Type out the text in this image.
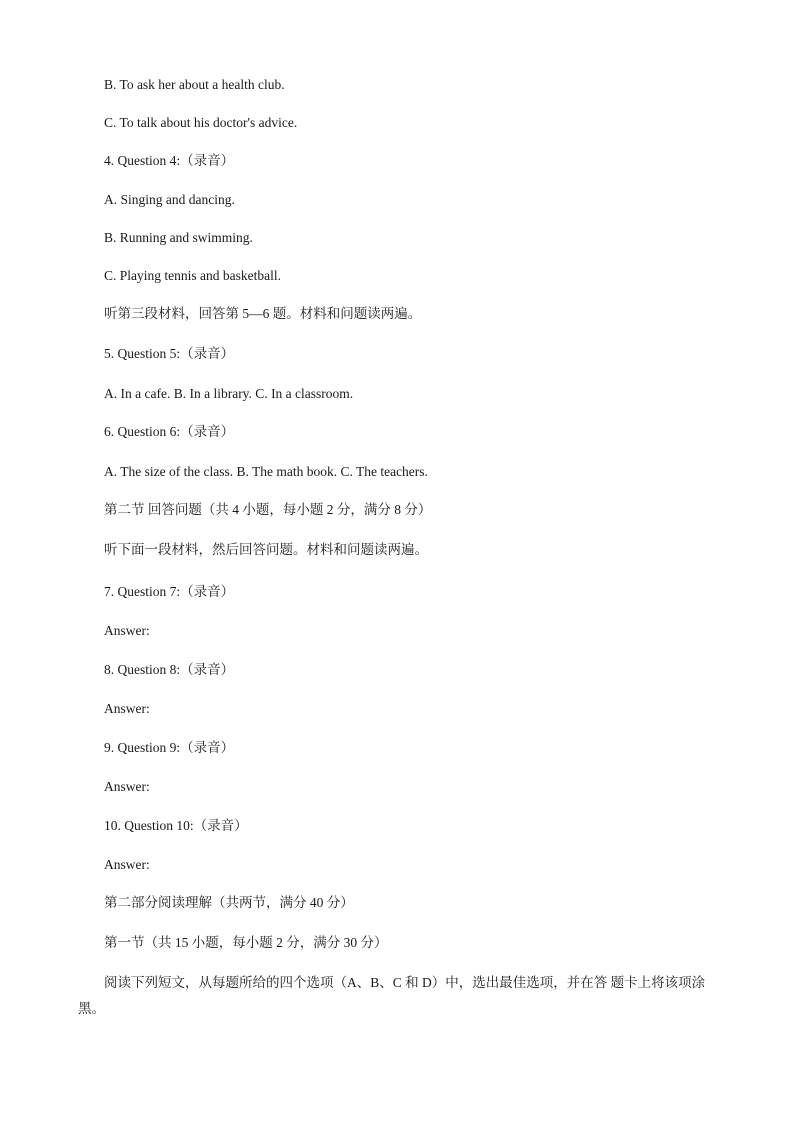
B. To ask her about a health club.
C. To talk about his doctor's advice.
4. Question 4:（录音）
A. Singing and dancing.
B. Running and swimming.
C. Playing tennis and basketball.
听第三段材料，回答第 5—6 题。材料和问题读两遍。
5. Question 5:（录音）
A. In a cafe. B. In a library. C. In a classroom.
6. Question 6:（录音）
A. The size of the class. B. The math book. C. The teachers.
第二节 回答问题（共 4 小题，每小题 2 分，满分 8 分）
听下面一段材料，然后回答问题。材料和问题读两遍。
7. Question 7:（录音）
Answer:
8. Question 8:（录音）
Answer:
9. Question 9:（录音）
Answer:
10. Question 10:（录音）
Answer:
第二部分阅读理解（共两节，满分 40 分）
第一节（共 15 小题，每小题 2 分，满分 30 分）
阅读下列短文，从每题所给的四个选项（A、B、C 和 D）中，选出最佳选项，并在答 题卡上将该项涂黑。
